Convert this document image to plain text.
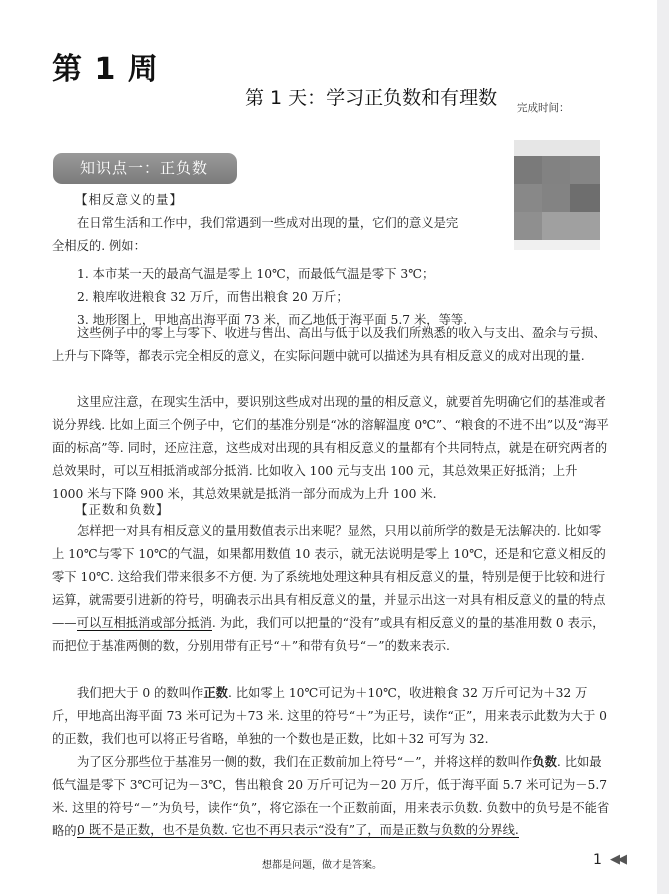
第 1 周
第 1 天：学习正负数和有理数 完成时间：
知识点一：正负数
【相反意义的量】
在日常生活和工作中，我们常遇到一些成对出现的量，它们的意义是完
全相反的. 例如：
1. 本市某一天的最高气温是零上 10℃，而最低气温是零下 3℃；
2. 粮库收进粮食 32 万斤，而售出粮食 20 万斤；
3. 地形图上，甲地高出海平面 73 米，而乙地低于海平面 5.7 米，等等.
这些例子中的零上与零下、收进与售出、高出与低于以及我们所熟悉的收入与支出、盈余与亏损、上升与下降等，都表示完全相反的意义，在实际问题中就可以描述为具有相反意义的成对出现的量.
这里应注意，在现实生活中，要识别这些成对出现的量的相反意义，就要首先明确它们的基准或者说分界线. 比如上面三个例子中，它们的基准分别是“冰的溶解温度 0℃”、“粮食的不进不出”以及“海平面的标高”等. 同时，还应注意，这些成对出现的具有相反意义的量都有个共同特点，就是在研究两者的总效果时，可以互相抵消或部分抵消. 比如收入 100 元与支出 100 元，其总效果正好抵消；上升 1000 米与下降 900 米，其总效果就是抵消一部分而成为上升 100 米.
【正数和负数】
怎样把一对具有相反意义的量用数值表示出来呢？显然，只用以前所学的数是无法解决的. 比如零上 10℃与零下 10℃的气温，如果都用数值 10 表示，就无法说明是零上 10℃，还是和它意义相反的零下 10℃. 这给我们带来很多不方便. 为了系统地处理这种具有相反意义的量，特别是便于比较和进行运算，就需要引进新的符号，明确表示出具有相反意义的量，并显示出这一对具有相反意义的量的特点——可以互相抵消或部分抵消. 为此，我们可以把量的“没有”或具有相反意义的量的基准用数 0 表示，而把位于基准两侧的数，分别用带有正号“＋”和带有负号“－”的数来表示.
我们把大于 0 的数叫作正数. 比如零上 10℃可记为＋10℃，收进粮食 32 万斤可记为＋32 万斤，甲地高出海平面 73 米可记为＋73 米. 这里的符号“＋”为正号，读作“正”，用来表示此数为大于 0 的正数，我们也可以将正号省略，单独的一个数也是正数，比如＋32 可写为 32.
为了区分那些位于基准另一侧的数，我们在正数前加上符号“－”，并将这样的数叫作负数. 比如最低气温是零下 3℃可记为－3℃，售出粮食 20 万斤可记为－20 万斤，低于海平面 5.7 米可记为－5.7 米. 这里的符号“－”为负号，读作“负”，将它添在一个正数前面，用来表示负数. 负数中的负号是不能省略的.
0 既不是正数，也不是负数. 它也不再只表示“没有”了，而是正数与负数的分界线.
想都是问题，做才是答案。	1 ◀◀
